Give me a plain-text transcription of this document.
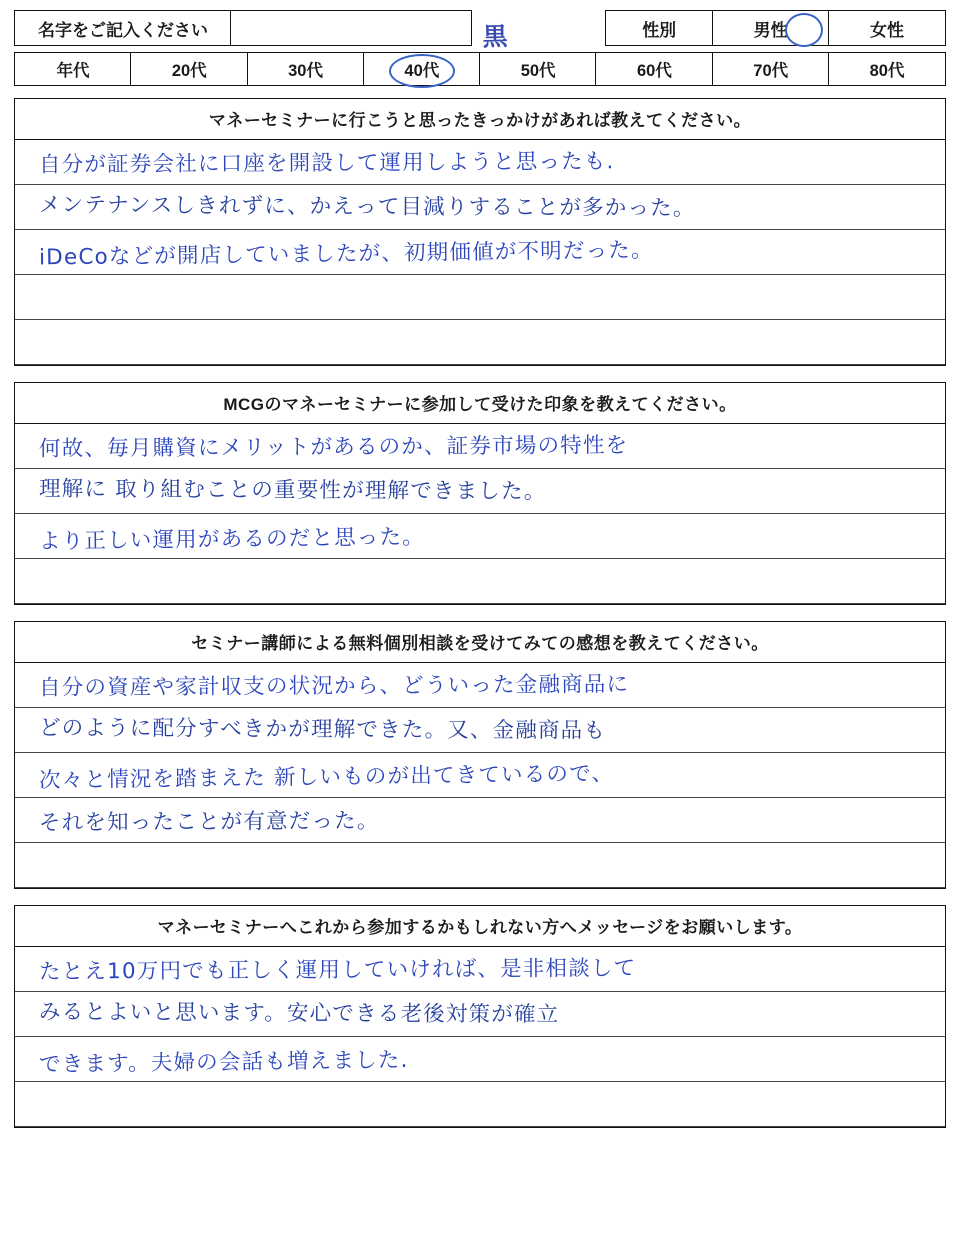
名字をご記入ください	黒岩
性別	男性	女性
年代	20代	30代	40代	50代	60代	70代	80代
マネーセミナーに行こうと思ったきっかけがあれば教えてください。
自分が証券会社に口座を開設して運用しようと思ったも.
メンテナンスしきれずに、かえって目減りすることが多かった。
iDeCoなどが開店していましたが、初期価値が不明だった。
MCGのマネーセミナーに参加して受けた印象を教えてください。
何故、毎月購資にメリットがあるのか、証券市場の特性を
理解に 取り組むことの重要性が理解できました。
より正しい運用があるのだと思った。
セミナー講師による無料個別相談を受けてみての感想を教えてください。
自分の資産や家計収支の状況から、どういった金融商品に
どのように配分すべきかが理解できた。又、金融商品も
次々と情況を踏まえた 新しいものが出てきているので、
それを知ったことが有意だった。
マネーセミナーへこれから参加するかもしれない方へメッセージをお願いします。
たとえ10万円でも正しく運用していければ、是非相談して
みるとよいと思います。安心できる老後対策が確立
できます。夫婦の会話も増えました.
